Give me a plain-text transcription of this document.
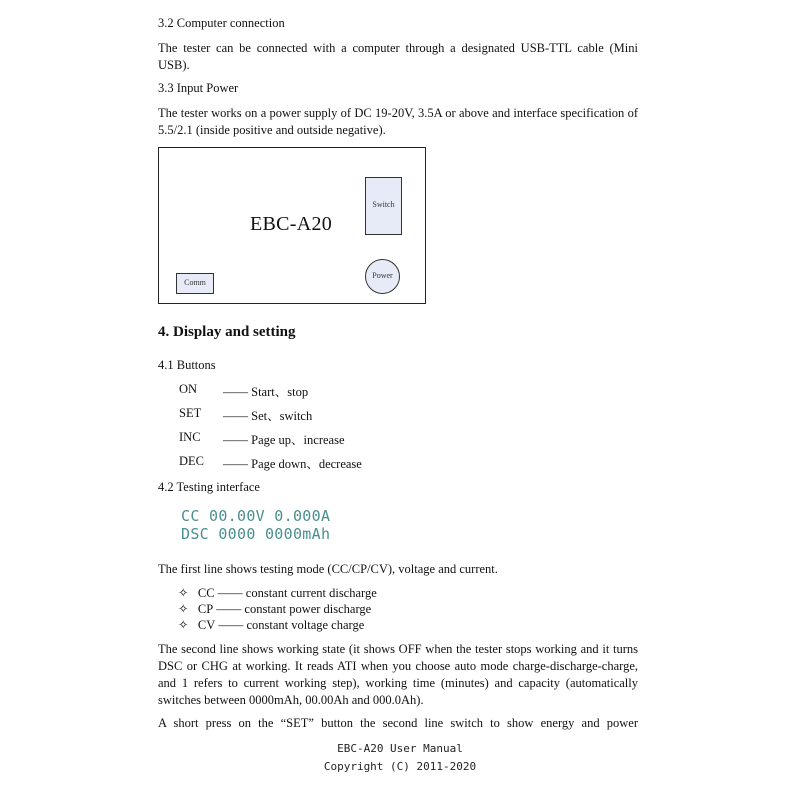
3.2 Computer connection
The tester can be connected with a computer through a designated USB-TTL cable (Mini USB).
3.3 Input Power
The tester works on a power supply of DC 19-20V, 3.5A or above and interface specification of 5.5/2.1 (inside positive and outside negative).
EBC-A20
Switch
Power
Comm
4. Display and setting
4.1 Buttons
ON —— Start、stop
SET —— Set、switch
INC —— Page up、increase
DEC —— Page down、decrease
4.2 Testing interface
CC 00.00V 0.000A
DSC 0000 0000mAh
The first line shows testing mode (CC/CP/CV), voltage and current.
✧ CC —— constant current discharge
✧ CP —— constant power discharge
✧ CV —— constant voltage charge
The second line shows working state (it shows OFF when the tester stops working and it turns DSC or CHG at working. It reads ATI when you choose auto mode charge-discharge-charge, and 1 refers to current working step), working time (minutes) and capacity (automatically switches between 0000mAh, 00.00Ah and 000.0Ah).
A short press on the “SET” button the second line switch to show energy and power
EBC-A20 User Manual
Copyright (C) 2011-2020
